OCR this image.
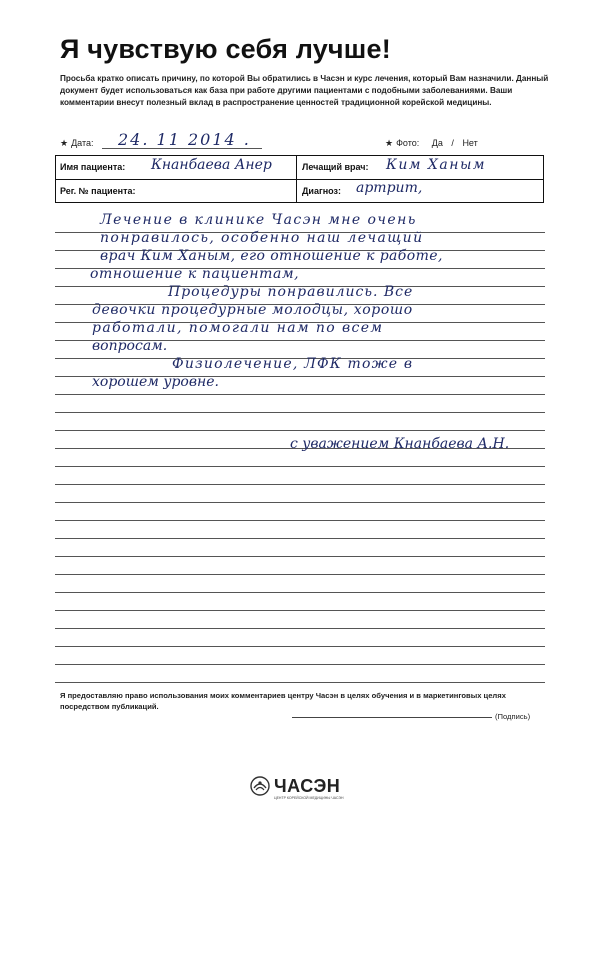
Я чувствую себя лучше!
Просьба кратко описать причину, по которой Вы обратились в Часэн и курс лечения, который Вам назначили. Данный документ будет использоваться как база при работе другими пациентами с подобными заболеваниями. Ваши комментарии внесут полезный вклад в распространение ценностей традиционной корейской медицины.
★ Дата: 24. 11 2014 .	★ Фото: Да / Нет
Имя пациента: Кнанбаева Анер	Лечащий врач: Ким Ханым
Рег. № пациента:	Диагноз: артрит,
Лечение в клинике Часэн мне очень
понравилось, особенно наш лечащий
врач Ким Ханым, его отношение к работе,
отношение к пациентам,
Процедуры понравились. Все
девочки процедурные молодцы, хорошо
работали, помогали нам по всем
вопросам.
Физиолечение, ЛФК тоже в
хорошем уровне.
с уважением Кнанбаева А.Н.
Я предоставляю право использования моих комментариев центру Часэн в целях обучения и в маркетинговых целях посредством публикаций.
(Подпись)
ЧАСЭН
ЦЕНТР КОРЕЙСКОЙ МЕДИЦИНЫ ЧАСЭН
